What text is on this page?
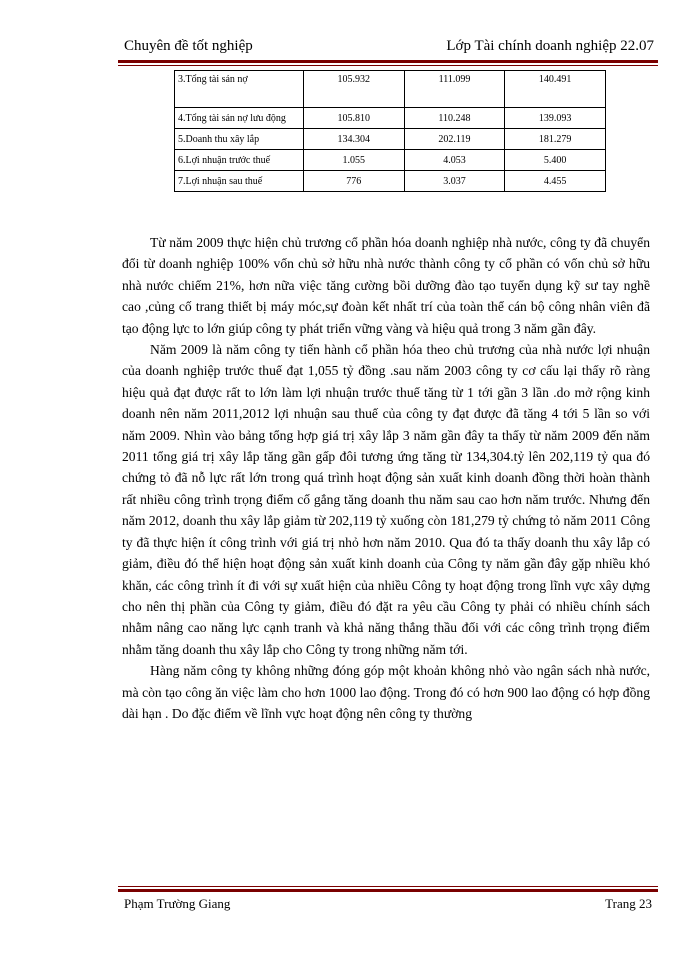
Chuyên đề tốt nghiệp	Lớp Tài chính doanh nghiệp 22.07
3.Tổng tài sản nợ	105.932	111.099	140.491
4.Tổng tài sản nợ lưu động	105.810	110.248	139.093
5.Doanh thu xây lắp	134.304	202.119	181.279
6.Lợi nhuận trước thuế	1.055	4.053	5.400
7.Lợi nhuận sau thuế	776	3.037	4.455

Từ năm 2009 thực hiện chủ trương cổ phần hóa doanh nghiệp nhà nước, công ty đã chuyển đổi từ doanh nghiệp 100% vốn chủ sở hữu nhà nước thành công ty cổ phần có vốn chủ sở hữu nhà nước chiếm 21%, hơn nữa việc tăng cường bồi dưỡng đào tạo tuyển dụng kỹ sư tay nghề cao ,củng cố trang thiết bị máy móc,sự đoàn kết nhất trí của toàn thể cán bộ công nhân viên đã tạo động lực to lớn giúp công ty phát triển vững vàng và hiệu quả trong 3 năm gần đây.

Năm 2009 là năm công ty tiến hành cổ phần hóa theo chủ trương của nhà nước lợi nhuận của doanh nghiệp trước thuế đạt 1,055 tỷ đồng .sau năm 2003 công ty cơ cấu lại thấy rõ ràng hiệu quả đạt được rất to lớn làm lợi nhuận trước thuế tăng từ 1 tới gần 3 lần .do mở rộng kinh doanh nên năm 2011,2012 lợi nhuận sau thuế của công ty đạt được đã tăng 4 tới 5 lần so với năm 2009. Nhìn vào bảng tổng hợp giá trị xây lắp 3 năm gần đây ta thấy từ năm 2009 đến năm 2011 tổng giá trị xây lắp tăng gần gấp đôi tương ứng tăng từ 134,304.tỷ lên 202,119 tỷ qua đó chứng tỏ đã nỗ lực rất lớn trong quá trình hoạt động sản xuất kinh doanh đồng thời hoàn thành rất nhiều công trình trọng điểm cố gắng tăng doanh thu năm sau cao hơn năm trước. Nhưng đến năm 2012, doanh thu xây lắp giảm từ 202,119 tỷ xuống còn 181,279 tỷ chứng tỏ năm 2011 Công ty đã thực hiện ít công trình với giá trị nhỏ hơn năm 2010. Qua đó ta thấy doanh thu xây lắp có giảm, điều đó thể hiện hoạt động sản xuất kinh doanh của Công ty năm gần đây gặp nhiều khó khăn, các công trình ít đi với sự xuất hiện của nhiều Công ty hoạt động trong lĩnh vực xây dựng cho nên thị phần của Công ty giảm, điều đó đặt ra yêu cầu Công ty phải có nhiều chính sách nhằm nâng cao năng lực cạnh tranh và khả năng thắng thầu đối với các công trình trọng điểm nhằm tăng doanh thu xây lắp cho Công ty trong những năm tới.

Hàng năm công ty không những đóng góp một khoản không nhỏ vào ngân sách nhà nước, mà còn tạo công ăn việc làm cho hơn 1000 lao động. Trong đó có hơn 900 lao động có hợp đồng dài hạn . Do đặc điểm về lĩnh vực hoạt động nên công ty thường

Phạm Trường Giang	Trang 23
